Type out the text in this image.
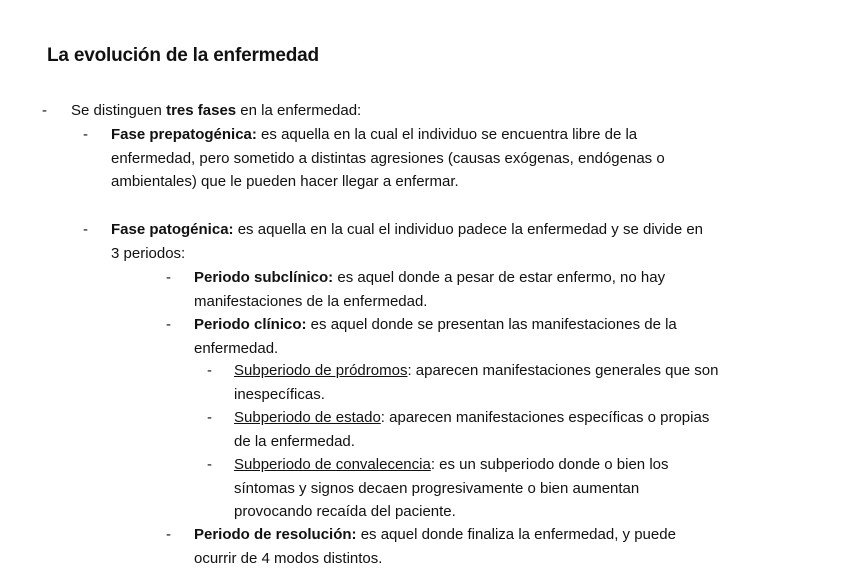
La evolución de la enfermedad
- Se distinguen tres fases en la enfermedad:
- Fase prepatogénica: es aquella en la cual el individuo se encuentra libre de la
enfermedad, pero sometido a distintas agresiones (causas exógenas, endógenas o
ambientales) que le pueden hacer llegar a enfermar.
- Fase patogénica: es aquella en la cual el individuo padece la enfermedad y se divide en
3 periodos:
- Periodo subclínico: es aquel donde a pesar de estar enfermo, no hay
manifestaciones de la enfermedad.
- Periodo clínico: es aquel donde se presentan las manifestaciones de la
enfermedad.
- Subperiodo de pródromos: aparecen manifestaciones generales que son
inespecíficas.
- Subperiodo de estado: aparecen manifestaciones específicas o propias
de la enfermedad.
- Subperiodo de convalecencia: es un subperiodo donde o bien los
síntomas y signos decaen progresivamente o bien aumentan
provocando recaída del paciente.
- Periodo de resolución: es aquel donde finaliza la enfermedad, y puede
ocurrir de 4 modos distintos.
